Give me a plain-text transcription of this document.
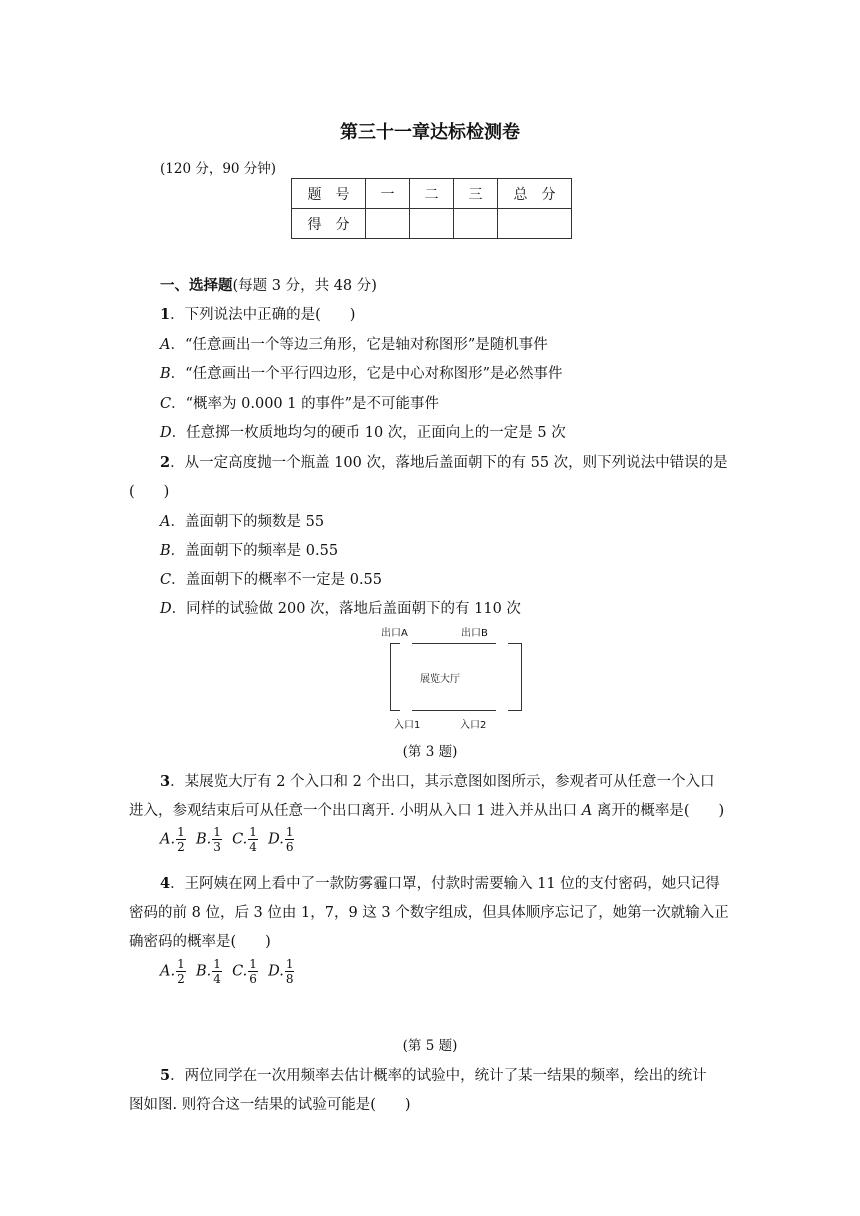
第三十一章达标检测卷
(120 分，90 分钟)
题　号	一	二	三	总　分
得　分				
一、选择题(每题 3 分，共 48 分)
1．下列说法中正确的是(　　)
A．“任意画出一个等边三角形，它是轴对称图形”是随机事件
B．“任意画出一个平行四边形，它是中心对称图形”是必然事件
C．“概率为 0.000 1 的事件”是不可能事件
D．任意掷一枚质地均匀的硬币 10 次，正面向上的一定是 5 次
2．从一定高度抛一个瓶盖 100 次，落地后盖面朝下的有 55 次，则下列说法中错误的是
(　　)
A．盖面朝下的频数是 55
B．盖面朝下的频率是 0.55
C．盖面朝下的概率不一定是 0.55
D．同样的试验做 200 次，落地后盖面朝下的有 110 次
出口A	出口B
展览大厅
入口1	入口2
(第 3 题)
3．某展览大厅有 2 个入口和 2 个出口，其示意图如图所示，参观者可从任意一个入口
进入，参观结束后可从任意一个出口离开. 小明从入口 1 进入并从出口 A 离开的概率是(　　)
A. $\frac{1}{2} B$. $\frac{1}{3} C$. $\frac{1}{4} D$. $\frac{1}{6}$
4．王阿姨在网上看中了一款防雾霾口罩，付款时需要输入 11 位的支付密码，她只记得
密码的前 8 位，后 3 位由 1，7，9 这 3 个数字组成，但具体顺序忘记了，她第一次就输入正
确密码的概率是(　　)
A. $\frac{1}{2} B$. $\frac{1}{4} C$. $\frac{1}{6} D$. $\frac{1}{8}$
(第 5 题)
5．两位同学在一次用频率去估计概率的试验中，统计了某一结果的频率，绘出的统计
图如图. 则符合这一结果的试验可能是(　　)
